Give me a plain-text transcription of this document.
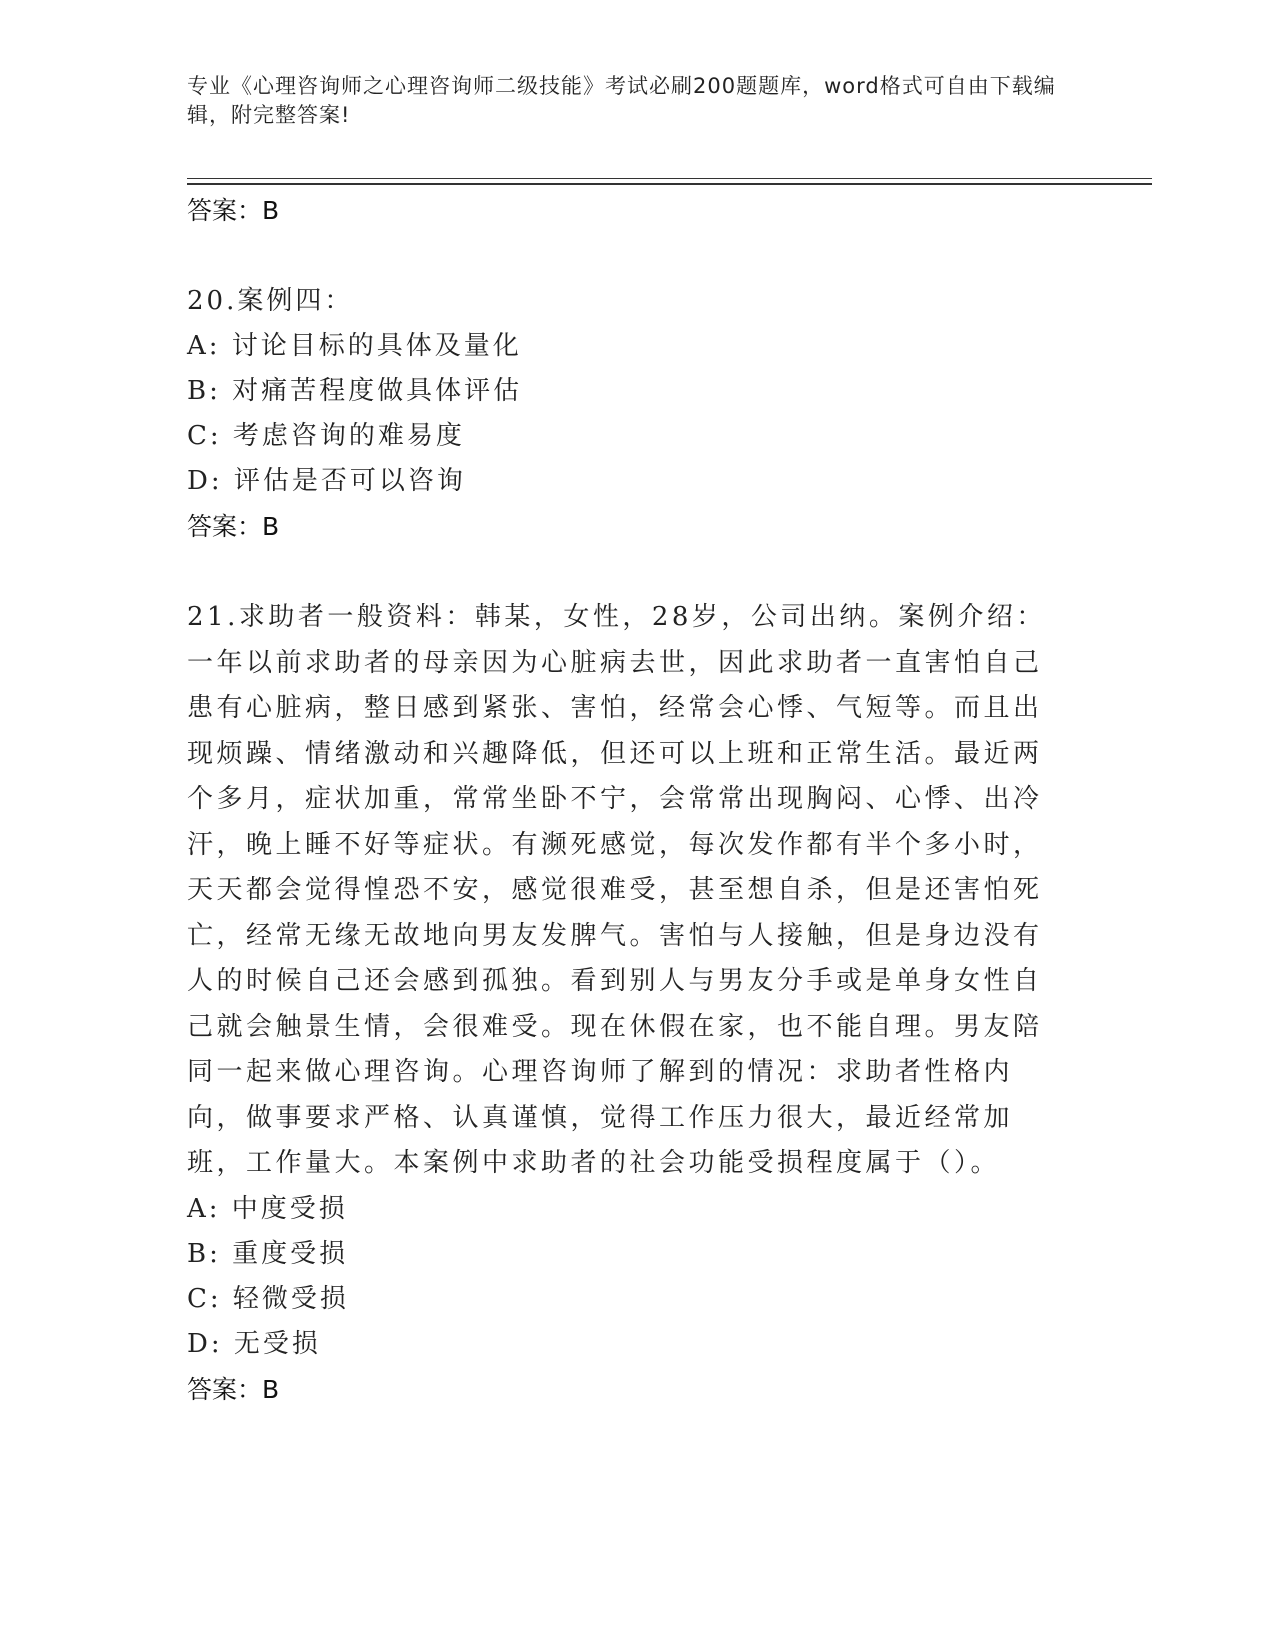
专业《心理咨询师之心理咨询师二级技能》考试必刷200题题库，word格式可自由下载编辑，附完整答案!
答案：B
20.案例四：
A: 讨论目标的具体及量化
B: 对痛苦程度做具体评估
C: 考虑咨询的难易度
D: 评估是否可以咨询
答案：B
21.求助者一般资料：韩某，女性，28岁，公司出纳。案例介绍：一年以前求助者的母亲因为心脏病去世，因此求助者一直害怕自己患有心脏病，整日感到紧张、害怕，经常会心悸、气短等。而且出现烦躁、情绪激动和兴趣降低，但还可以上班和正常生活。最近两个多月，症状加重，常常坐卧不宁，会常常出现胸闷、心悸、出冷汗，晚上睡不好等症状。有濒死感觉，每次发作都有半个多小时，天天都会觉得惶恐不安，感觉很难受，甚至想自杀，但是还害怕死亡，经常无缘无故地向男友发脾气。害怕与人接触，但是身边没有人的时候自己还会感到孤独。看到别人与男友分手或是单身女性自己就会触景生情，会很难受。现在休假在家，也不能自理。男友陪同一起来做心理咨询。心理咨询师了解到的情况：求助者性格内向，做事要求严格、认真谨慎，觉得工作压力很大，最近经常加班，工作量大。本案例中求助者的社会功能受损程度属于（）。
A: 中度受损
B: 重度受损
C: 轻微受损
D: 无受损
答案：B
